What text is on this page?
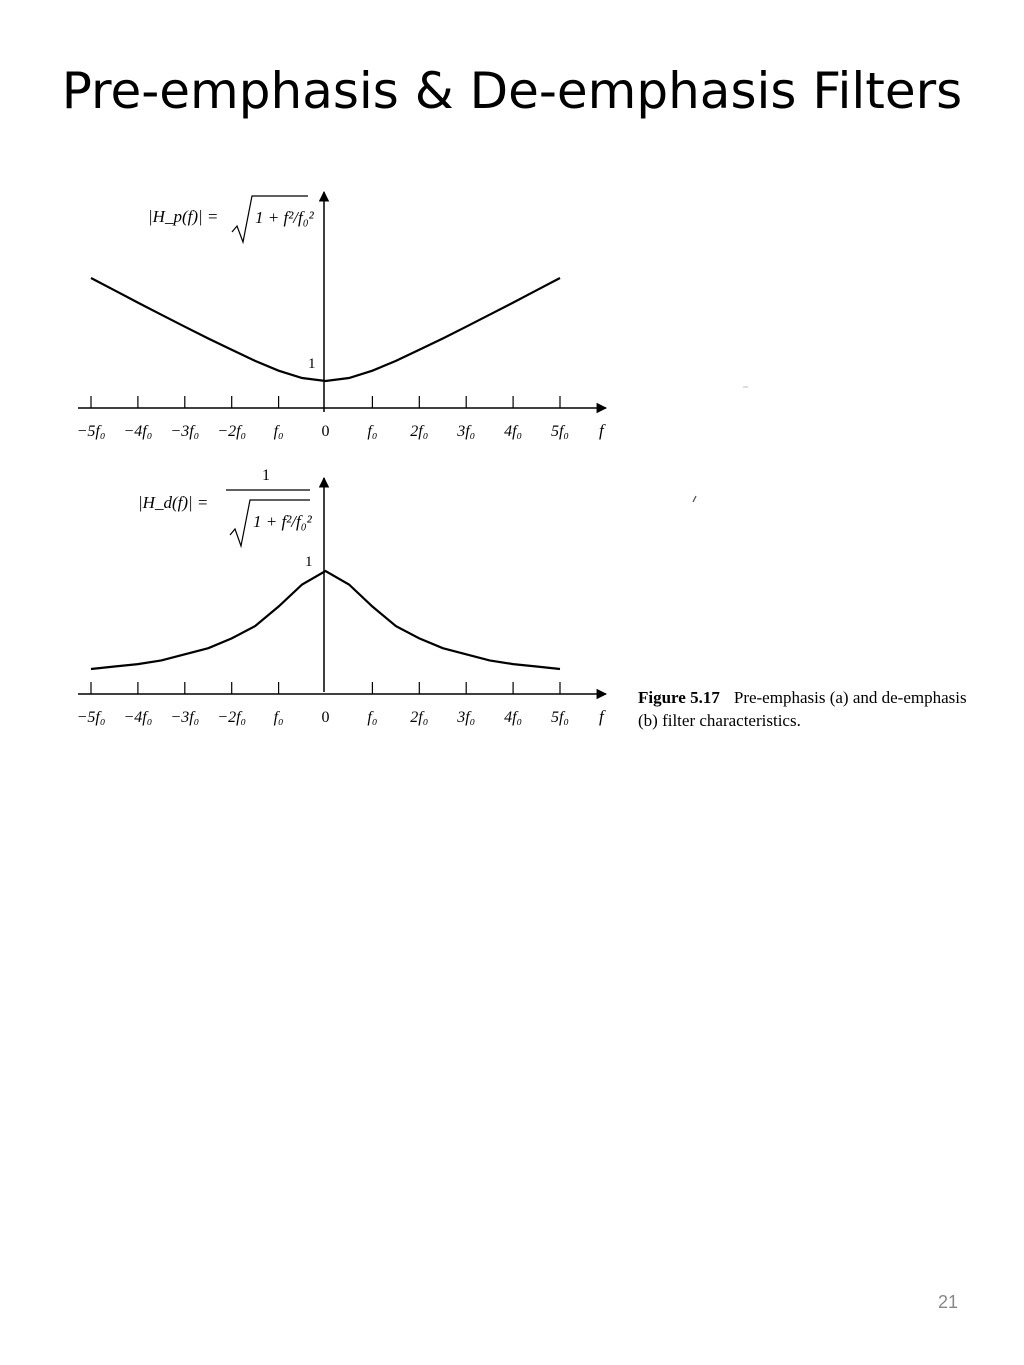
Pre-emphasis & De-emphasis Filters
|H_p(f)| = 1 + f²/f₀²
1
f
−5f₀ −4f₀ −3f₀ −2f₀ f₀ 0 f₀ 2f₀ 3f₀ 4f₀ 5f₀
|H_d(f)| =
1
1 + f²/f₀²
1
f
−5f₀ −4f₀ −3f₀ −2f₀ f₀ 0 f₀ 2f₀ 3f₀ 4f₀ 5f₀
Figure 5.17 Pre-emphasis (a) and de-emphasis (b) filter characteristics.
21
